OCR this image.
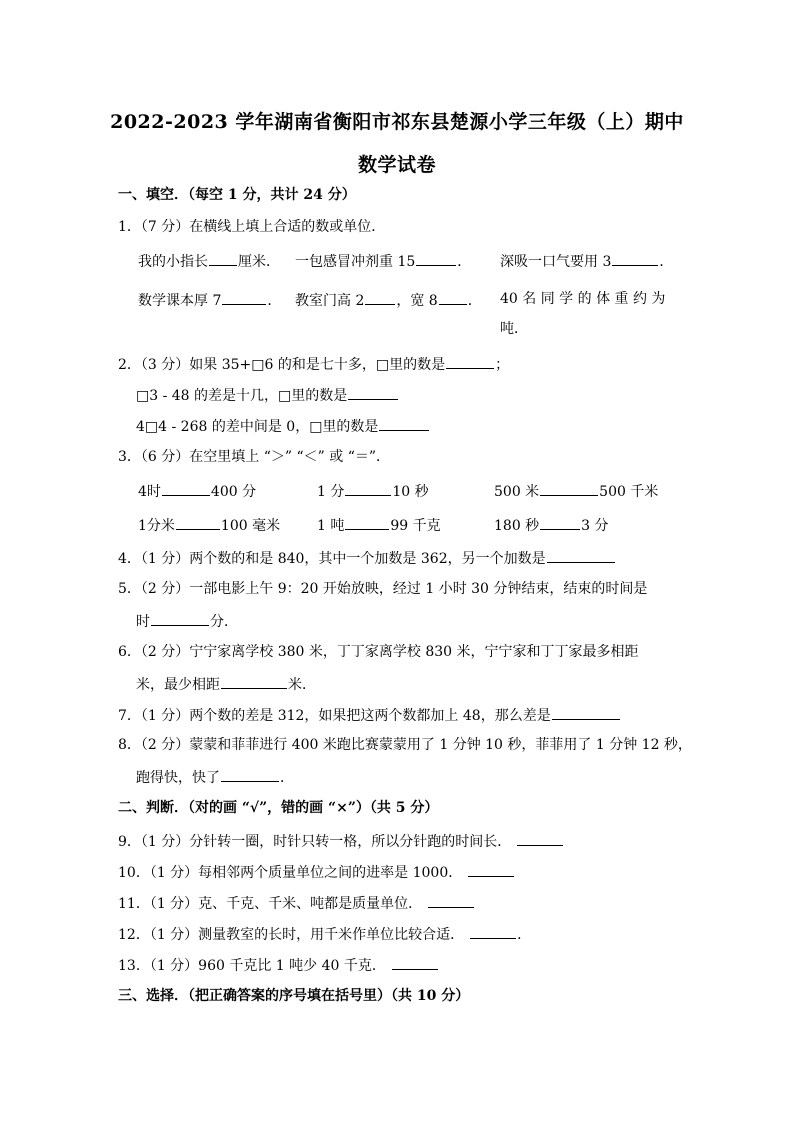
2022-2023 学年湖南省衡阳市祁东县楚源小学三年级（上）期中
数学试卷
一、填空．（每空 1 分，共计 24 分）
1．（7 分）在横线上填上合适的数或单位．
我的小指长 厘米． 一包感冒冲剂重 15	． 深吸一口气要用 3	．
数学课本厚 7	． 教室门高 2 ，宽 8 ． 40 名 同 学 的 体 重 约 为
吨．
2．（3 分）如果 35+□6 的和是七十多，□里的数是	；
□3 - 48 的差是十几，□里的数是
4□4 - 268 的差中间是 0，□里的数是
3．（6 分）在空里填上 “＞” “＜” 或 “＝”．
4时	400 分	1 分	10 秒	500 米	500 千米
1分米	100 毫米	1 吨	99 千克	180 秒	3 分
4．（1 分）两个数的和是 840，其中一个加数是 362，另一个加数是
5．（2 分）一部电影上午 9：20 开始放映，经过 1 小时 30 分钟结束，结束的时间是
时	分．
6．（2 分）宁宁家离学校 380 米，丁丁家离学校 830 米，宁宁家和丁丁家最多相距
米，最少相距	米．
7．（1 分）两个数的差是 312，如果把这两个数都加上 48，那么差是
8．（2 分）蒙蒙和菲菲进行 400 米跑比赛蒙蒙用了 1 分钟 10 秒，菲菲用了 1 分钟 12 秒，
跑得快，快了	．
二、判断．（对的画 “√”，错的画 “×”）（共 5 分）
9．（1 分）分针转一圈，时针只转一格，所以分针跑的时间长．
10．（1 分）每相邻两个质量单位之间的进率是 1000．
11．（1 分）克、千克、千米、吨都是质量单位．
12．（1 分）测量教室的长时，用千米作单位比较合适．	．
13．（1 分）960 千克比 1 吨少 40 千克．
三、选择．（把正确答案的序号填在括号里）（共 10 分）
